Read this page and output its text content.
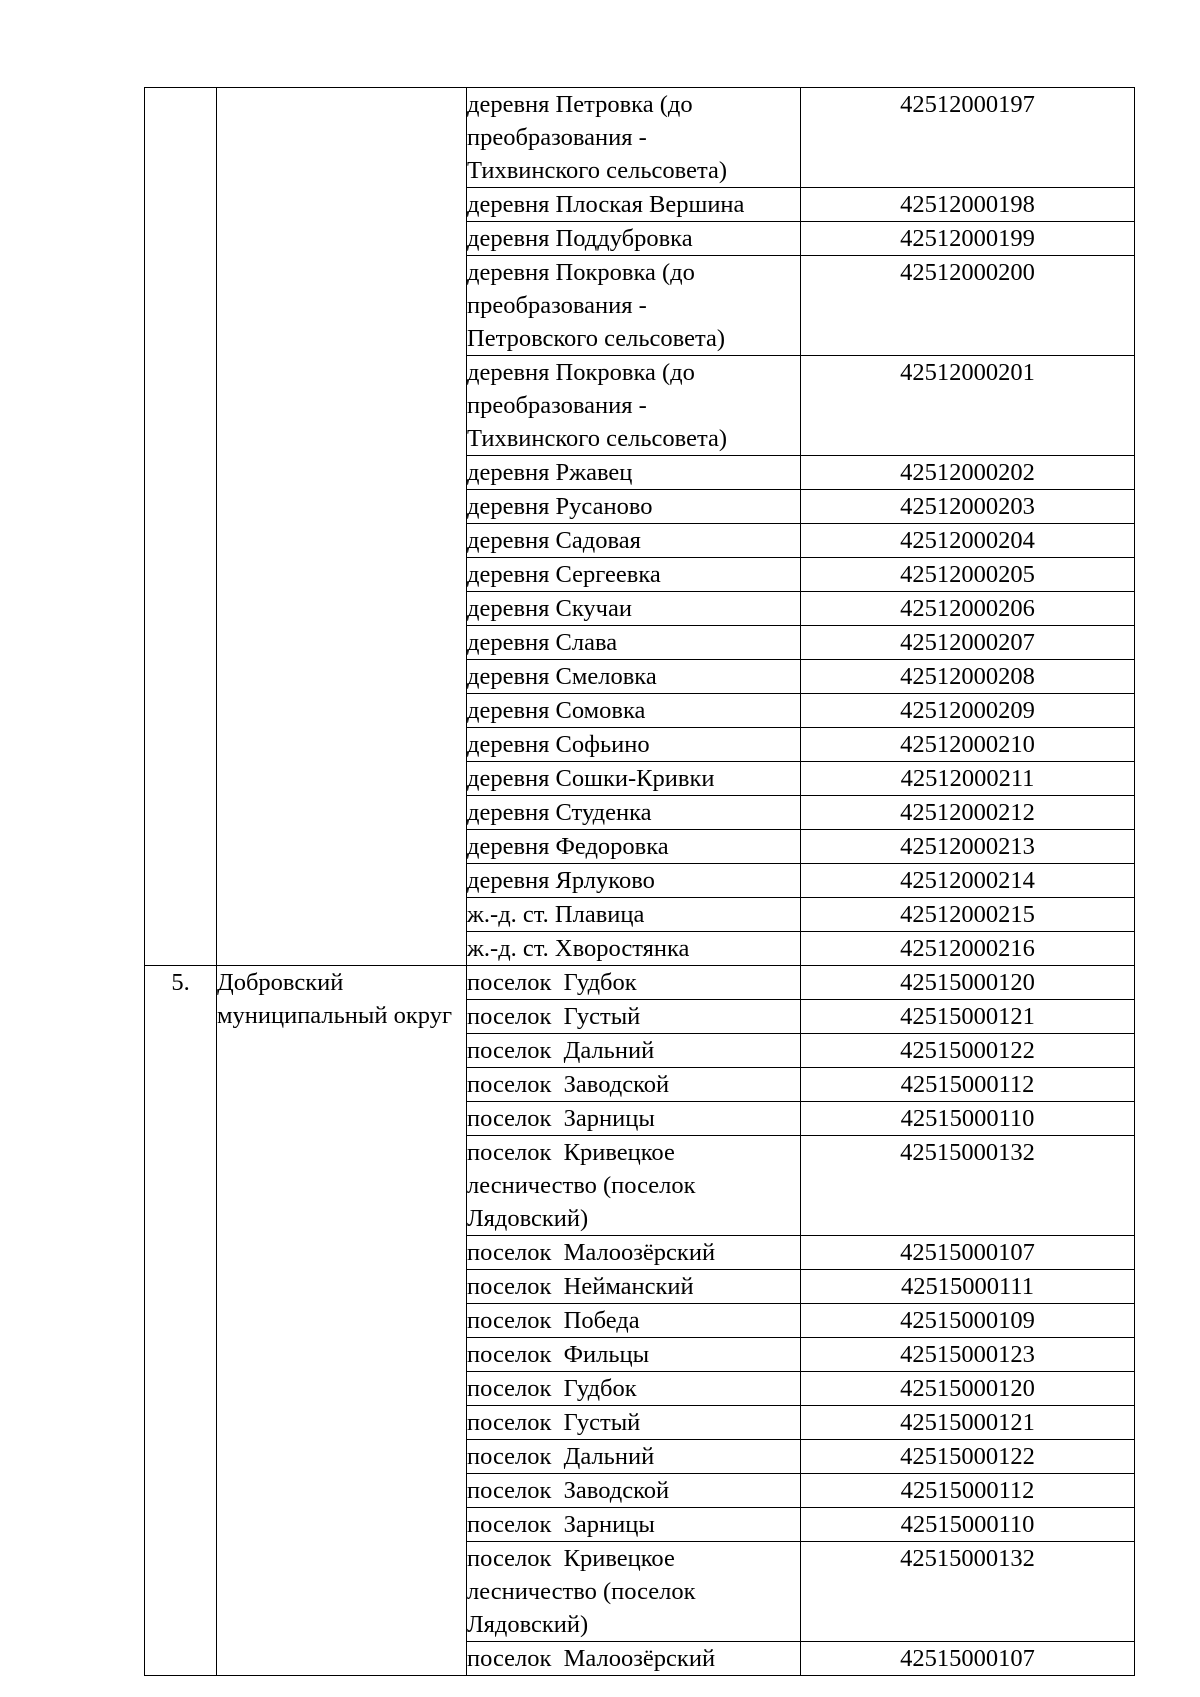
		деревня Петровка (до
преобразования -
Тихвинского сельсовета)	42512000197
		деревня Плоская Вершина	42512000198
		деревня Поддубровка	42512000199
		деревня Покровка (до
преобразования -
Петровского сельсовета)	42512000200
		деревня Покровка (до
преобразования -
Тихвинского сельсовета)	42512000201
		деревня Ржавец	42512000202
		деревня Русаново	42512000203
		деревня Садовая	42512000204
		деревня Сергеевка	42512000205
		деревня Скучаи	42512000206
		деревня Слава	42512000207
		деревня Смеловка	42512000208
		деревня Сомовка	42512000209
		деревня Софьино	42512000210
		деревня Сошки-Кривки	42512000211
		деревня Студенка	42512000212
		деревня Федоровка	42512000213
		деревня Ярлуково	42512000214
		ж.-д. ст. Плавица	42512000215
		ж.-д. ст. Хворостянка	42512000216
5.	Добровский муниципальный округ	поселок  Гудбок	42515000120
		поселок  Густый	42515000121
		поселок  Дальний	42515000122
		поселок  Заводской	42515000112
		поселок  Зарницы	42515000110
		поселок  Кривецкое
лесничество (поселок
Лядовский)	42515000132
		поселок  Малоозёрский	42515000107
		поселок  Нейманский	42515000111
		поселок  Победа	42515000109
		поселок  Фильцы	42515000123
		поселок  Гудбок	42515000120
		поселок  Густый	42515000121
		поселок  Дальний	42515000122
		поселок  Заводской	42515000112
		поселок  Зарницы	42515000110
		поселок  Кривецкое
лесничество (поселок
Лядовский)	42515000132
		поселок  Малоозёрский	42515000107
